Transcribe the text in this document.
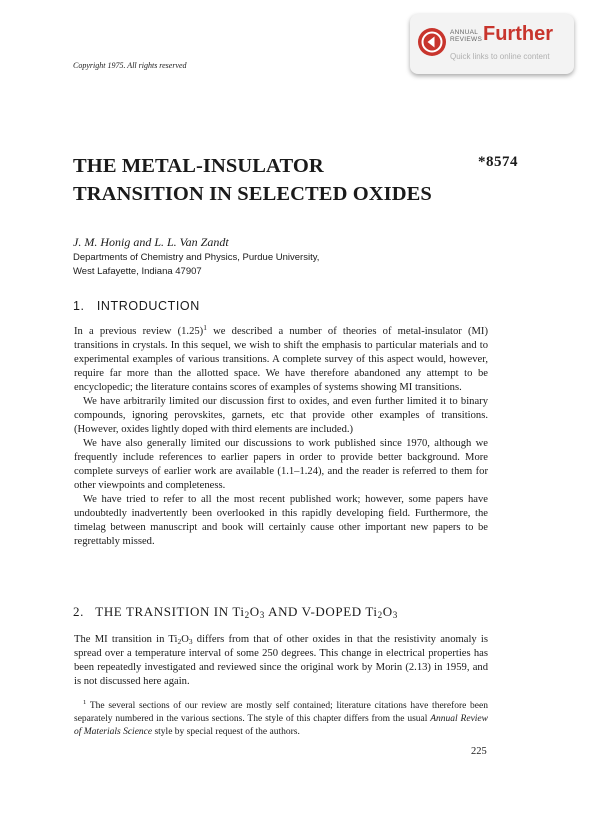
ANNUAL
REVIEWS Further
Quick links to online content
Copyright 1975. All rights reserved
THE METAL-INSULATOR
TRANSITION IN SELECTED OXIDES
*8574
J. M. Honig and L. L. Van Zandt
Departments of Chemistry and Physics, Purdue University,
West Lafayette, Indiana 47907
1. INTRODUCTION

In a previous review $(1.25)^1$ we described a number of theories of metal-insulator (MI) transitions in crystals. In this sequel, we wish to shift the emphasis to particular materials and to experimental examples of various transitions. A complete survey of this aspect would, however, require far more than the allotted space. We have therefore abandoned any attempt to be encyclopedic; the literature contains scores of examples of systems showing MI transitions.

We have arbitrarily limited our discussion first to oxides, and even further limited it to binary compounds, ignoring perovskites, garnets, etc that provide other examples of transitions. (However, oxides lightly doped with third elements are included.)

We have also generally limited our discussions to work published since 1970, although we frequently include references to earlier papers in order to provide better background. More complete surveys of earlier work are available (1.1–1.24), and the reader is referred to them for other viewpoints and completeness.

We have tried to refer to all the most recent published work; however, some papers have undoubtedly inadvertently been overlooked in this rapidly developing field. Furthermore, the timelag between manuscript and book will certainly cause other important new papers to be regrettably missed.

2. THE TRANSITION IN $Ti_2O_3$ AND V-DOPED $Ti_2O_3$

The MI transition in $Ti_2O_3$ differs from that of other oxides in that the resistivity anomaly is spread over a temperature interval of some 250 degrees. This change in electrical properties has been repeatedly investigated and reviewed since the original work by Morin (2.13) in 1959, and is not discussed here again.

$^1$ The several sections of our review are mostly self contained; literature citations have therefore been separately numbered in the various sections. The style of this chapter differs from the usual Annual Review of Materials Science style by special request of the authors.

225
